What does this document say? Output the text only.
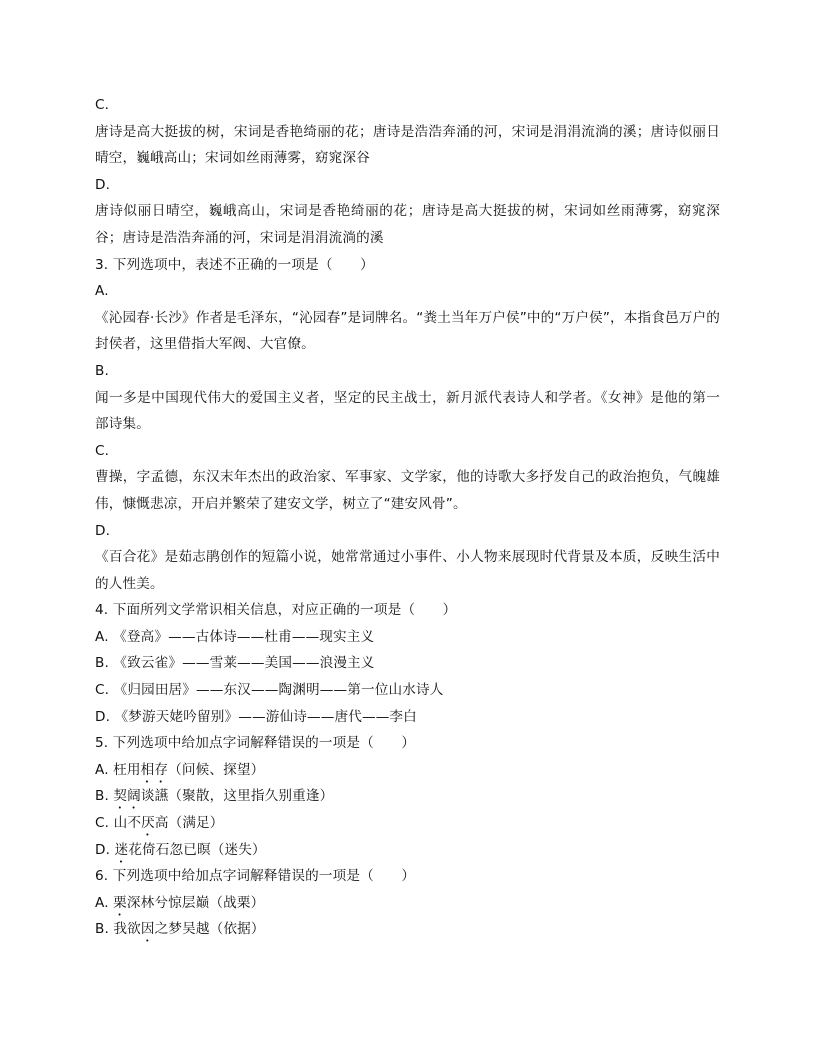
C.
唐诗是高大挺拔的树，宋词是香艳绮丽的花；唐诗是浩浩奔涌的河，宋词是涓涓流淌的溪；唐诗似丽日晴空，巍峨高山；宋词如丝雨薄雾，窈窕深谷
D.
唐诗似丽日晴空，巍峨高山，宋词是香艳绮丽的花；唐诗是高大挺拔的树，宋词如丝雨薄雾，窈窕深谷；唐诗是浩浩奔涌的河，宋词是涓涓流淌的溪
3. 下列选项中，表述不正确的一项是（　　）
A.
《沁园春·长沙》作者是毛泽东，“沁园春”是词牌名。“粪土当年万户侯”中的“万户侯”，本指食邑万户的封侯者，这里借指大军阀、大官僚。
B.
闻一多是中国现代伟大的爱国主义者，坚定的民主战士，新月派代表诗人和学者。《女神》是他的第一部诗集。
C.
曹操，字孟德，东汉末年杰出的政治家、军事家、文学家，他的诗歌大多抒发自己的政治抱负，气魄雄伟，慷慨悲凉，开启并繁荣了建安文学，树立了“建安风骨”。
D.
《百合花》是茹志鹃创作的短篇小说，她常常通过小事件、小人物来展现时代背景及本质，反映生活中的人性美。
4. 下面所列文学常识相关信息，对应正确的一项是（　　）
A. 《登高》——古体诗——杜甫——现实主义
B. 《致云雀》——雪莱——美国——浪漫主义
C. 《归园田居》——东汉——陶渊明——第一位山水诗人
D. 《梦游天姥吟留别》——游仙诗——唐代——李白
5. 下列选项中给加点字词解释错误的一项是（　　）
A. 枉用相存（问候、探望）
B. 契阔谈讌（聚散，这里指久别重逢）
C. 山不厌高（满足）
D. 迷花倚石忽已暝（迷失）
6. 下列选项中给加点字词解释错误的一项是（　　）
A. 栗深林兮惊层巅（战栗）
B. 我欲因之梦吴越（依据）
